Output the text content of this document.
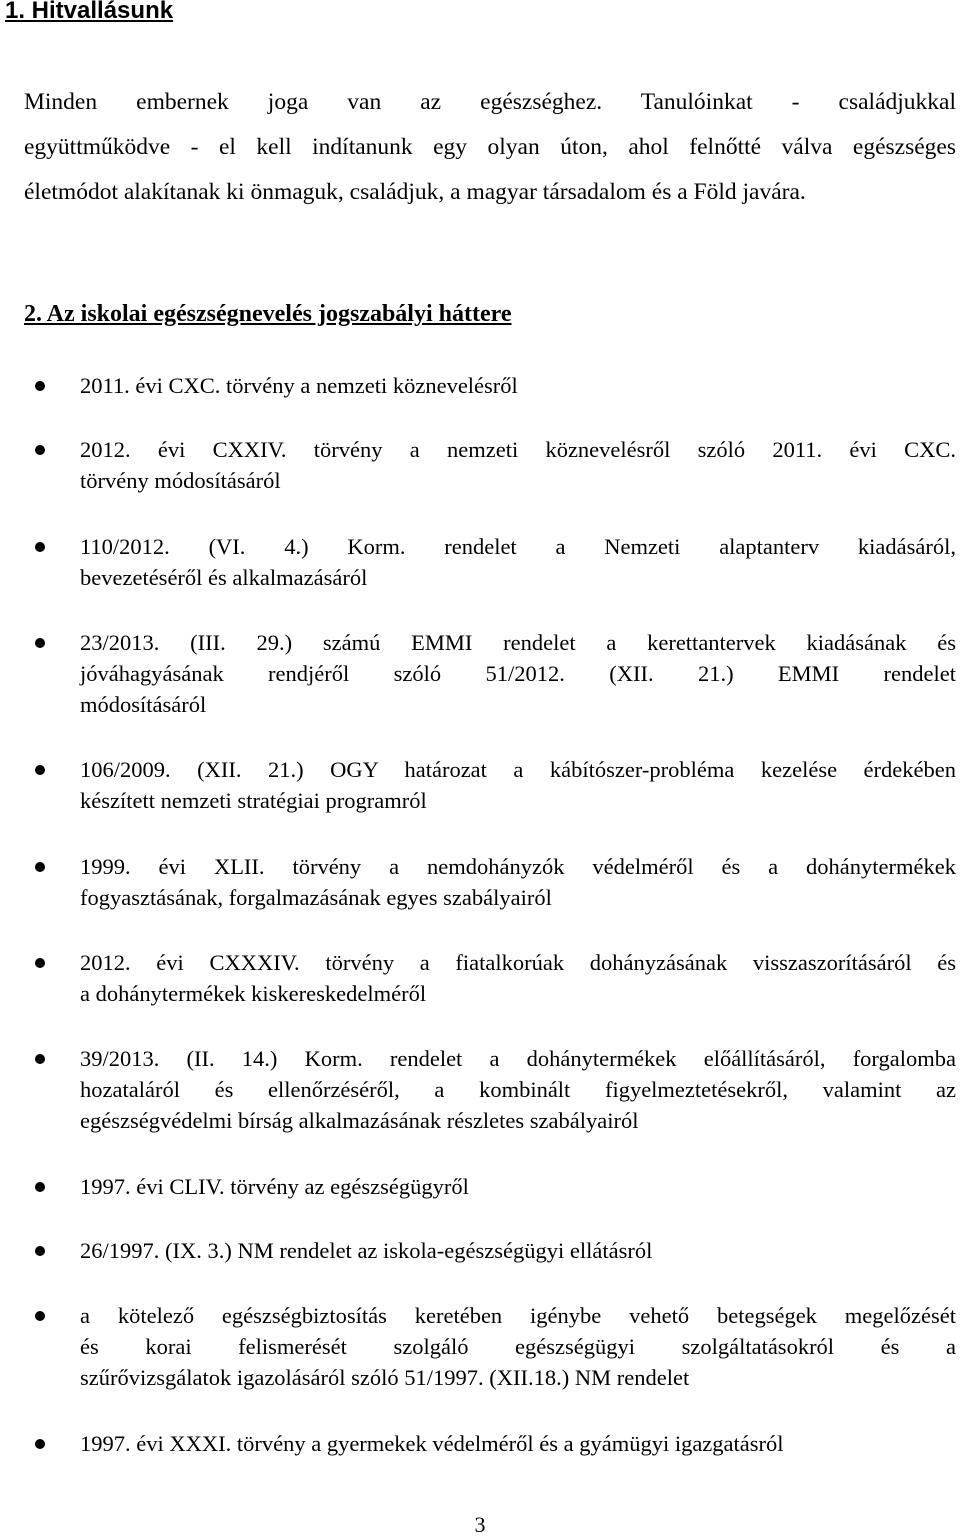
1. Hitvallásunk
Minden embernek joga van az egészséghez. Tanulóinkat - családjukkal
együttműködve - el kell indítanunk egy olyan úton, ahol felnőtté válva egészséges
életmódot alakítanak ki önmaguk, családjuk, a magyar társadalom és a Föld javára.
2. Az iskolai egészségnevelés jogszabályi háttere
2011. évi CXC. törvény a nemzeti köznevelésről
2012. évi CXXIV. törvény a nemzeti köznevelésről szóló 2011. évi CXC.
törvény módosításáról
110/2012. (VI. 4.) Korm. rendelet a Nemzeti alaptanterv kiadásáról,
bevezetéséről és alkalmazásáról
23/2013. (III. 29.) számú EMMI rendelet a kerettantervek kiadásának és
jóváhagyásának rendjéről szóló 51/2012. (XII. 21.) EMMI rendelet
módosításáról
106/2009. (XII. 21.) OGY határozat a kábítószer-probléma kezelése érdekében
készített nemzeti stratégiai programról
1999. évi XLII. törvény a nemdohányzók védelméről és a dohánytermékek
fogyasztásának, forgalmazásának egyes szabályairól
2012. évi CXXXIV. törvény a fiatalkorúak dohányzásának visszaszorításáról és
a dohánytermékek kiskereskedelméről
39/2013. (II. 14.) Korm. rendelet a dohánytermékek előállításáról, forgalomba
hozataláról és ellenőrzéséről, a kombinált figyelmeztetésekről, valamint az
egészségvédelmi bírság alkalmazásának részletes szabályairól
1997. évi CLIV. törvény az egészségügyről
26/1997. (IX. 3.) NM rendelet az iskola-egészségügyi ellátásról
a kötelező egészségbiztosítás keretében igénybe vehető betegségek megelőzését
és korai felismerését szolgáló egészségügyi szolgáltatásokról és a
szűrővizsgálatok igazolásáról szóló 51/1997. (XII.18.) NM rendelet
1997. évi XXXI. törvény a gyermekek védelméről és a gyámügyi igazgatásról
3
